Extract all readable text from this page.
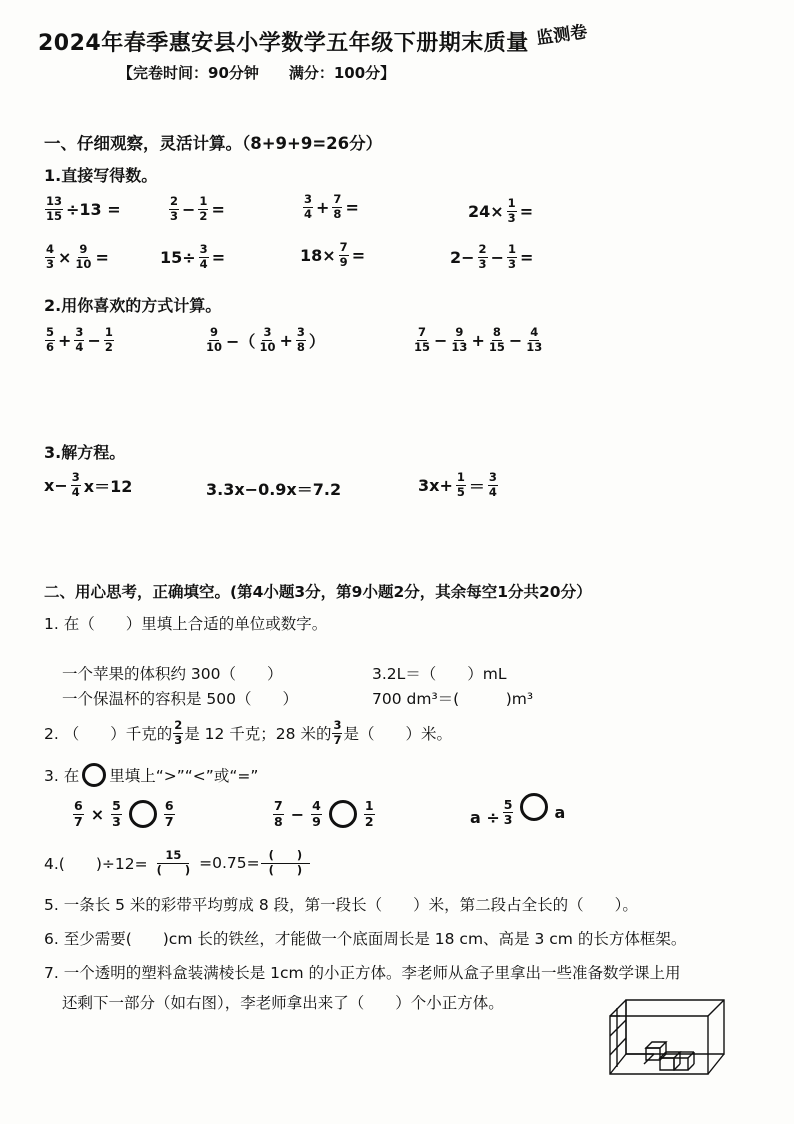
2024年春季惠安县小学数学五年级下册期末质量 监测卷
【完卷时间：90分钟　　满分：100分】
一、仔细观察，灵活计算。（8+9+9=26分）
1.直接写得数。
$\frac{13}{15} \div 13$ =	$\frac{2}{3} - \frac{1}{2}$ =	$\frac{3}{4} + \frac{7}{8}$ =	$24\times \frac{1}{3}$ =
$\frac{4}{3} \times \frac{9}{10}$ =	$15\div \frac{3}{4}$ =	$18\times \frac{7}{9}$ =	$2- \frac{2}{3} - \frac{1}{3}$ =
2.用你喜欢的方式计算。
$\frac{5}{6} + \frac{3}{4} - \frac{1}{2}$	$\frac{9}{10}$ −（ $\frac{3}{10} + \frac{3}{8}$ ）	$\frac{7}{15} - \frac{9}{13} + \frac{8}{15} - \frac{4}{13}$
3.解方程。
$x- \frac{3}{4} x=12$	3.3x−0.9x＝7.2	$3x+ \frac{1}{5} = \frac{3}{4}$
二、用心思考，正确填空。(第4小题3分，第9小题2分，其余每空1分共20分）
1. 在（　　）里填上合适的单位或数字。
一个苹果的体积约 300（　　）	3.2L＝（　　）mL
一个保温杯的容积是 500（　　）	700 dm³＝(　　　)m³
2. （　　）千克的 $\frac{2}{3}$ 是 12 千克；28 米的 $\frac{3}{7}$ 是（　　）米。
3. 在 里填上“>”“<”或“=”
$\frac{6}{7} \times \frac{5}{3}$	$\frac{6}{7}$	$\frac{7}{8} - \frac{4}{9}$	$\frac{1}{2}$	$a \div \frac{5}{3}$	a
4.(　　)$\div 12= \frac{15}{( )} =0.75= \frac{( )}{( )}$
5. 一条长 5 米的彩带平均剪成 8 段，第一段长（　　）米，第二段占全长的（　　）。
6. 至少需要(　　)cm 长的铁丝，才能做一个底面周长是 18 cm、高是 3 cm 的长方体框架。
7. 一个透明的塑料盒装满棱长是 1cm 的小正方体。李老师从盒子里拿出一些准备数学课上用
还剩下一部分（如右图），李老师拿出来了（　　）个小正方体。
